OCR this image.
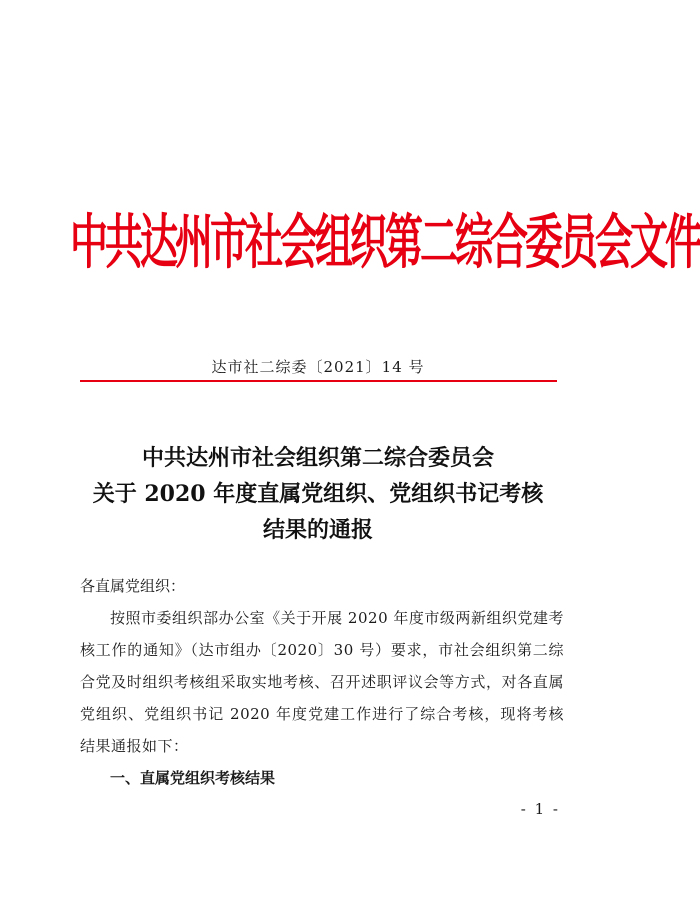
中共达州市社会组织第二综合委员会文件
达市社二综委〔2021〕14 号
中共达州市社会组织第二综合委员会
关于 2020 年度直属党组织、党组织书记考核
结果的通报
各直属党组织：
按照市委组织部办公室《关于开展 2020 年度市级两新组织党建考核工作的通知》（达市组办〔2020〕30 号）要求，市社会组织第二综合党及时组织考核组采取实地考核、召开述职评议会等方式，对各直属党组织、党组织书记 2020 年度党建工作进行了综合考核，现将考核结果通报如下：
一、直属党组织考核结果
- 1 -
